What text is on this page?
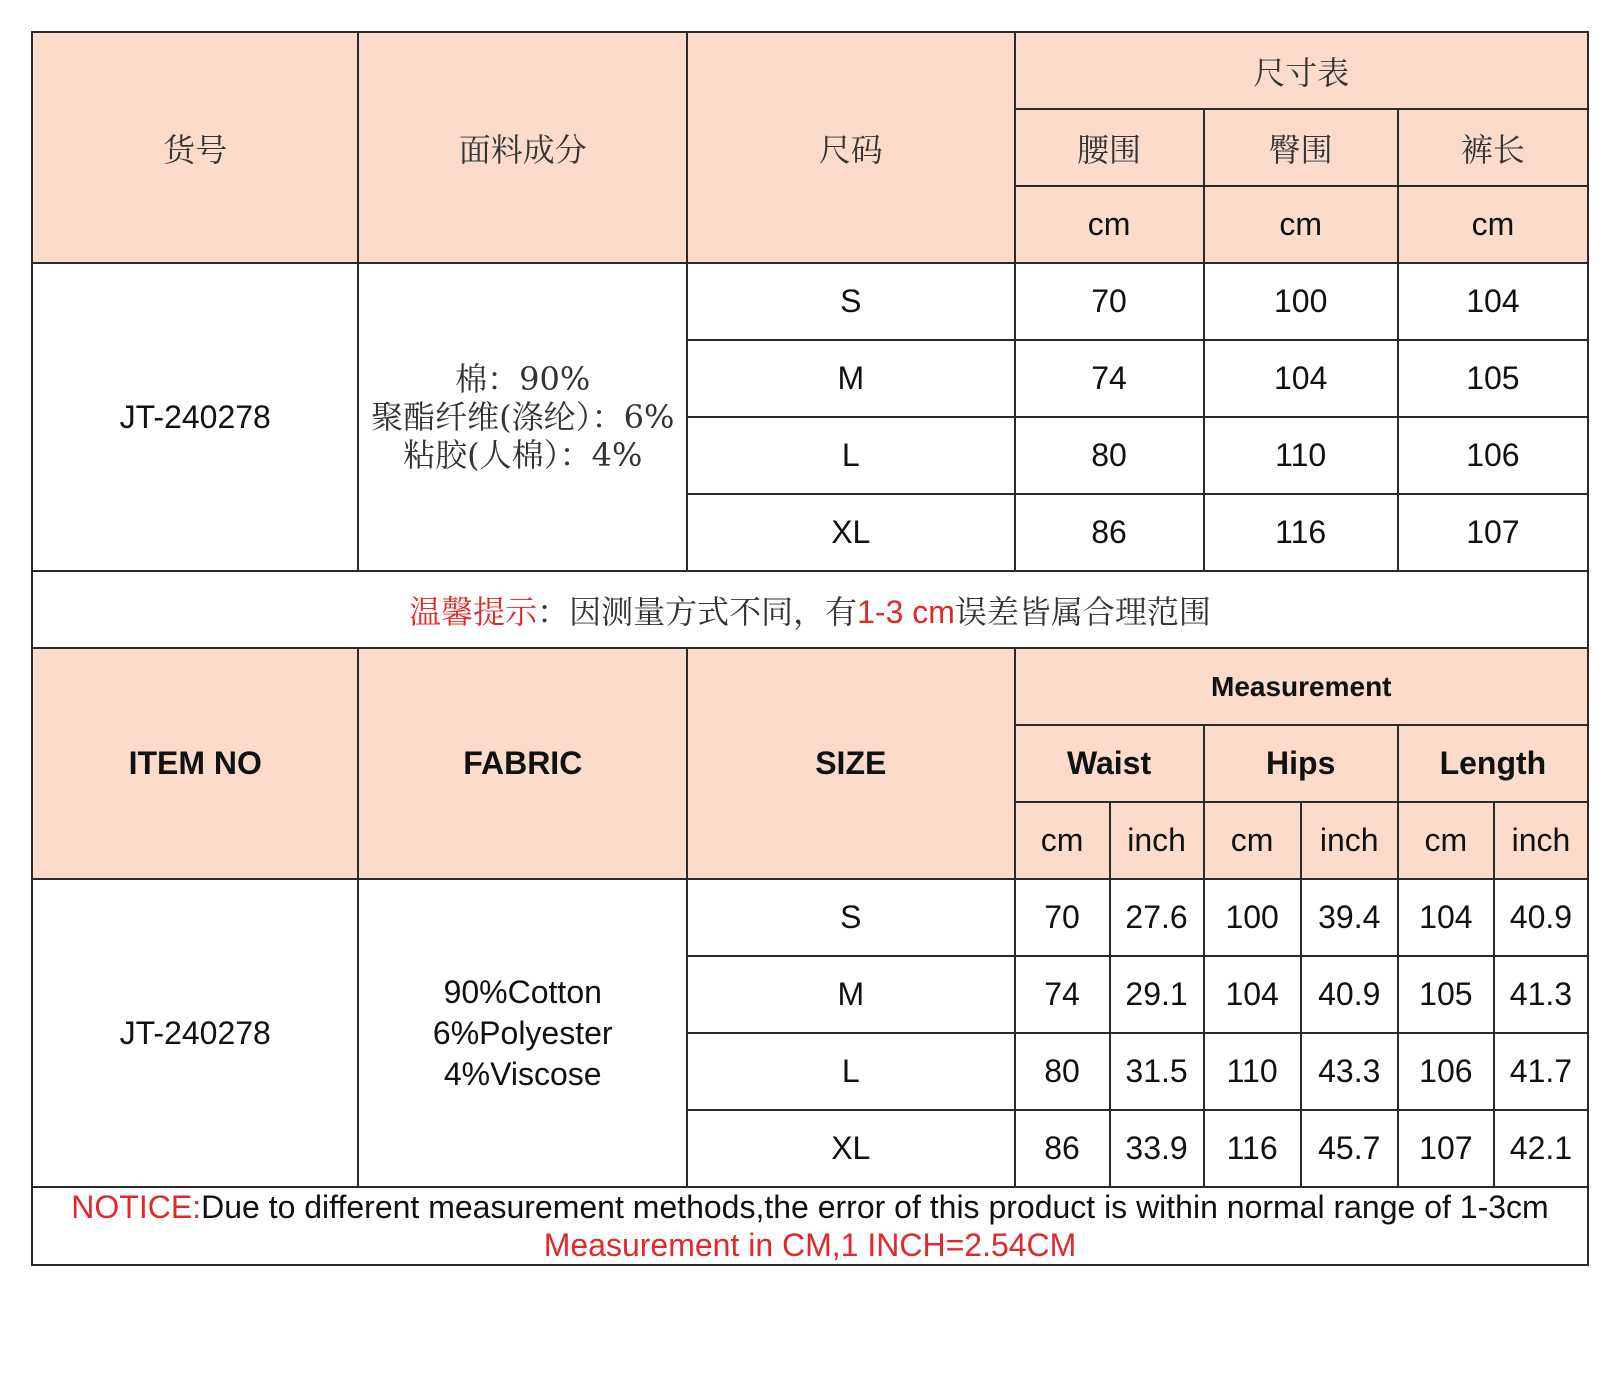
货号	面料成分	尺码	尺寸表					
			腰围		臀围		裤长	
			cm		cm		cm	
JT-240278	棉：90%
聚酯纤维(涤纶）：6%
粘胶(人棉）：4%	S	70		100		104	
		M	74		104		105	
		L	80		110		106	
		XL	86		116		107	
温馨提示：因测量方式不同，有1-3 cm误差皆属合理范围								
ITEM NO	FABRIC	SIZE	Measurement					
			Waist		Hips		Length	
			cm	inch	cm	inch	cm	inch
JT-240278	90%Cotton
6%Polyester
4%Viscose	S	70	27.6	100	39.4	104	40.9
		M	74	29.1	104	40.9	105	41.3
		L	80	31.5	110	43.3	106	41.7
		XL	86	33.9	116	45.7	107	42.1

NOTICE:Due to different measurement methods,the error of this product is within normal range of 1-3cm
Measurement in CM,1 INCH=2.54CM								
